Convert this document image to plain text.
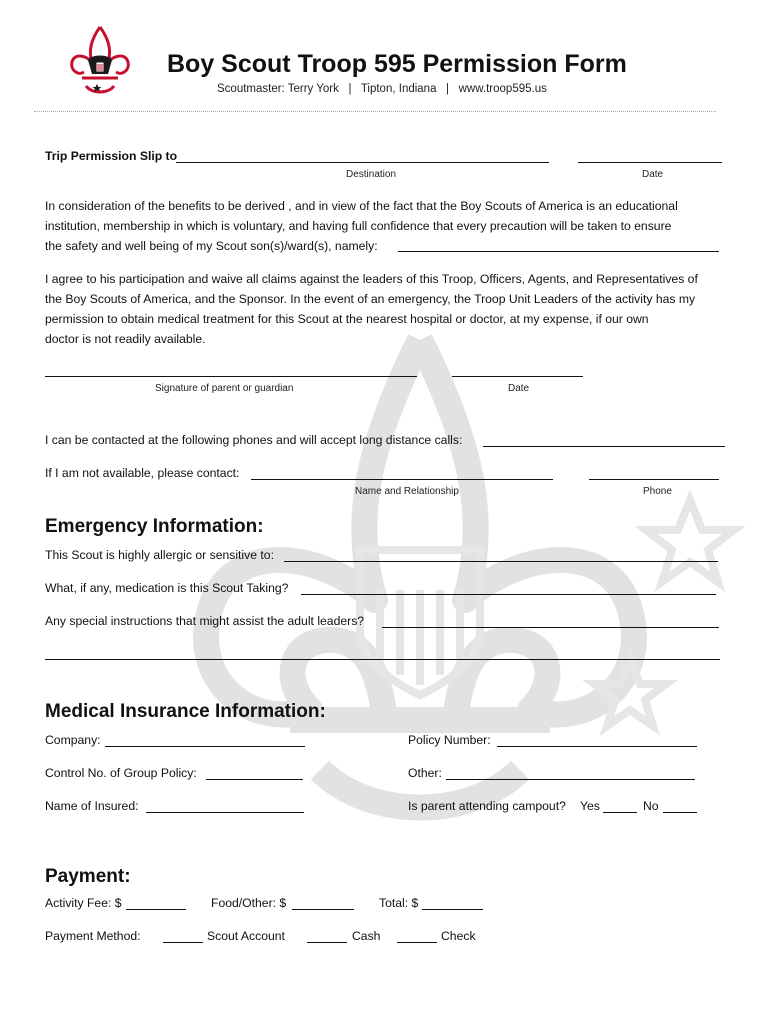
Boy Scout Troop 595 Permission Form
Scoutmaster: Terry York   |   Tipton, Indiana   |   www.troop595.us
Trip Permission Slip to
Destination	Date
In consideration of the benefits to be derived , and in view of the fact that the Boy Scouts of America is an educational
institution, membership in which is voluntary, and having full confidence that every precaution will be taken to ensure
the safety and well being of my Scout son(s)/ward(s), namely:
I agree to his participation and waive all claims against the leaders of this Troop, Officers, Agents, and Representatives of
the Boy Scouts of America, and the Sponsor. In the event of an emergency, the Troop Unit Leaders of the activity has my
permission to obtain medical treatment for this Scout at the nearest hospital or doctor, at my expense, if our own
doctor is not readily available.
Signature of parent or guardian	Date
I can be contacted at the following phones and will accept long distance calls:
If I am not available, please contact:
Name and Relationship	Phone
Emergency Information:
This Scout is highly allergic or sensitive to:
What, if any, medication is this Scout Taking?
Any special instructions that might assist the adult leaders?
Medical Insurance Information:
Company:	Policy Number:
Control No. of Group Policy:	Other:
Name of Insured:	Is parent attending campout? Yes	No
Payment:
Activity Fee: $	Food/Other: $	Total: $
Payment Method:	Scout Account	Cash	Check
